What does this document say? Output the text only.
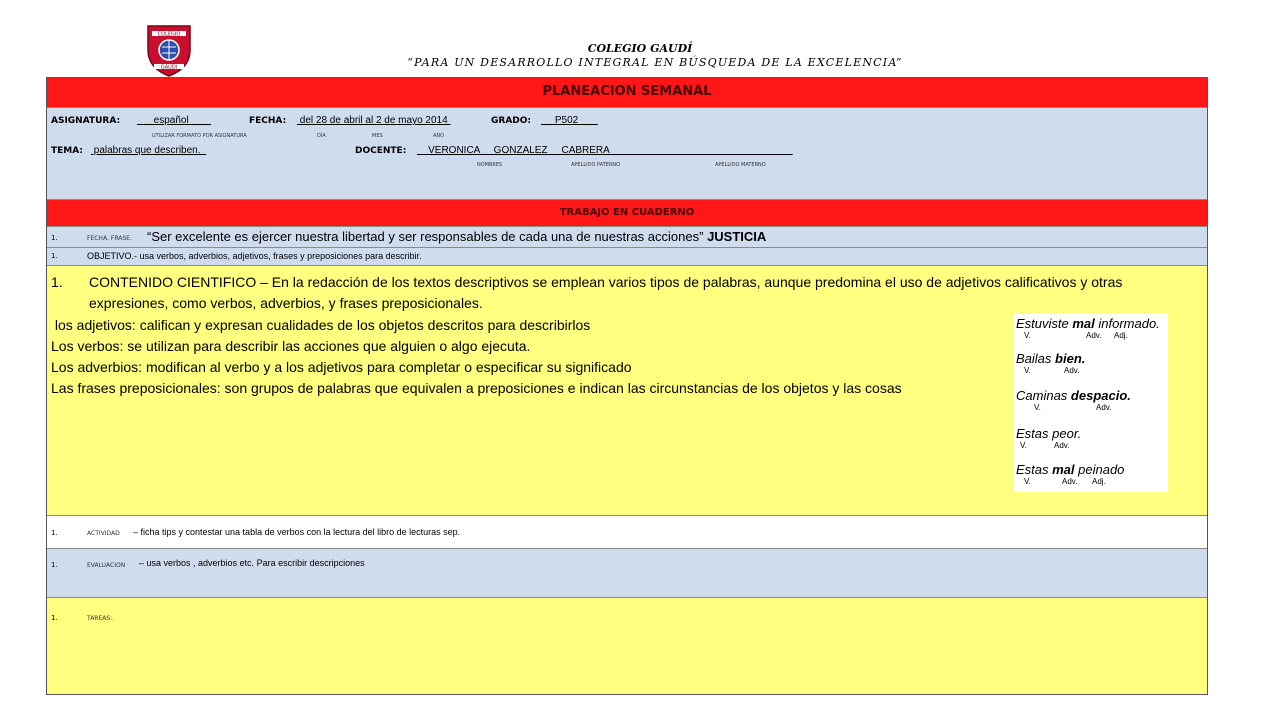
COLEGIO
GAUDI
COLEGIO GAUDÍ
“PARA UN DESARROLLO INTEGRAL EN BÚSQUEDA DE LA EXCELENCIA”
PLANEACION SEMANAL
ASIGNATURA: español	FECHA: del 28 de abril al 2 de mayo 2014	GRADO: P502
UTILIZAR FORMATO POR ASIGNATURA	DÍA	MES	AÑO
TEMA: palabras que describen.	DOCENTE: VERONICA     GONZALEZ     CABRERA
NOMBRES	APELLIDO PATERNO	APELLIDO MATERNO
TRABAJO EN CUADERNO
1.	FECHA, FRASE. “Ser excelente es ejercer nuestra libertad y ser responsables de cada una de nuestras acciones” JUSTICIA
1.	OBJETIVO.- usa verbos, adverbios, adjetivos, frases y preposiciones para describir.
1. CONTENIDO CIENTIFICO – En la redacción de los textos descriptivos se emplean varios tipos de palabras, aunque predomina el uso de adjetivos calificativos y otras
expresiones, como verbos, adverbios, y frases preposicionales.
los adjetivos: califican y expresan cualidades de los objetos descritos para describirlos
Los verbos: se utilizan para describir las acciones que alguien o algo ejecuta.
Los adverbios: modifican al verbo y a los adjetivos para completar o especificar su significado
Las frases preposicionales: son grupos de palabras que equivalen a preposiciones e indican las circunstancias de los objetos y las cosas
1.	ACTIVIDAD – ficha tips y contestar una tabla de verbos con la lectura del libro de lecturas sep.
1.	EVALUACION – usa verbos , adverbios etc. Para escribir descripciones
1.	TAREAS:.
Estuviste mal informado.
V.	Adv. Adj.
Bailas bien.
V.	Adv.
Caminas despacio.
V.	Adv.
Estas peor.
V.	Adv.
Estas mal peinado
V.	Adv. Adj.
